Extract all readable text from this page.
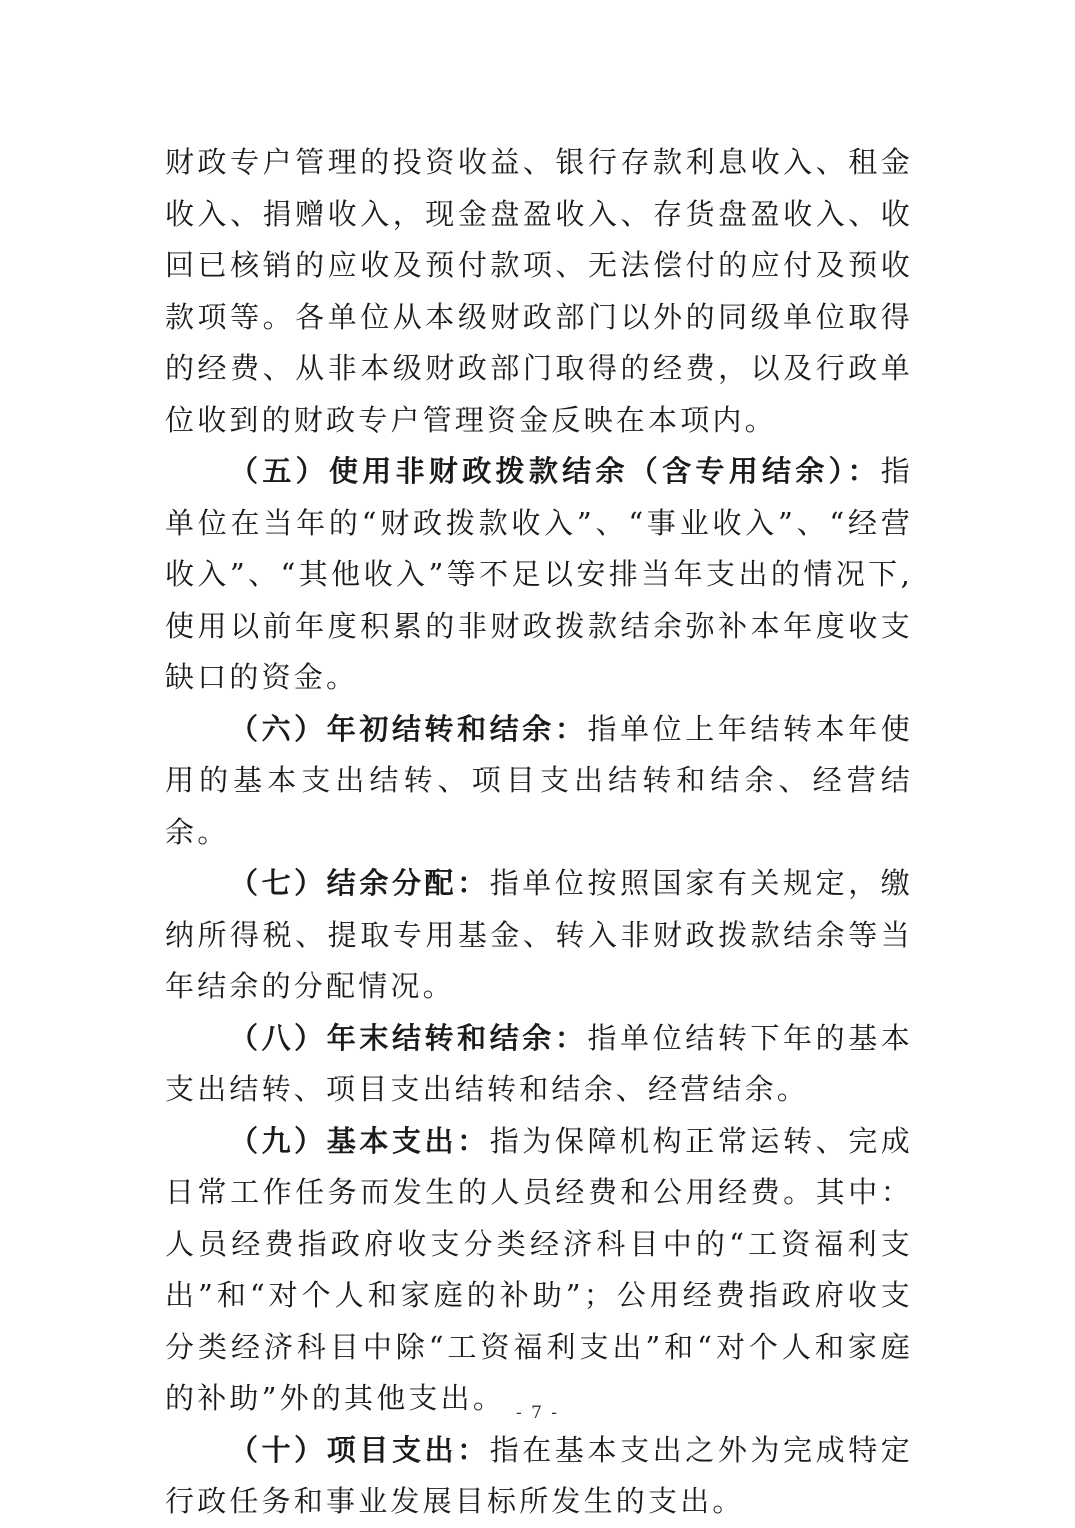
财政专户管理的投资收益、银行存款利息收入、租金收入、捐赠收入，现金盘盈收入、存货盘盈收入、收回已核销的应收及预付款项、无法偿付的应付及预收款项等。各单位从本级财政部门以外的同级单位取得的经费、从非本级财政部门取得的经费，以及行政单位收到的财政专户管理资金反映在本项内。

（五）使用非财政拨款结余（含专用结余）：指单位在当年的“财政拨款收入”、“事业收入”、“经营收入”、“其他收入”等不足以安排当年支出的情况下,使用以前年度积累的非财政拨款结余弥补本年度收支缺口的资金。

（六）年初结转和结余：指单位上年结转本年使用的基本支出结转、项目支出结转和结余、经营结余。

（七）结余分配：指单位按照国家有关规定，缴纳所得税、提取专用基金、转入非财政拨款结余等当年结余的分配情况。

（八）年末结转和结余：指单位结转下年的基本支出结转、项目支出结转和结余、经营结余。

（九）基本支出：指为保障机构正常运转、完成日常工作任务而发生的人员经费和公用经费。其中：人员经费指政府收支分类经济科目中的“工资福利支出”和“对个人和家庭的补助”；公用经费指政府收支分类经济科目中除“工资福利支出”和“对个人和家庭的补助”外的其他支出。

（十）项目支出：指在基本支出之外为完成特定行政任务和事业发展目标所发生的支出。

- 7 -
